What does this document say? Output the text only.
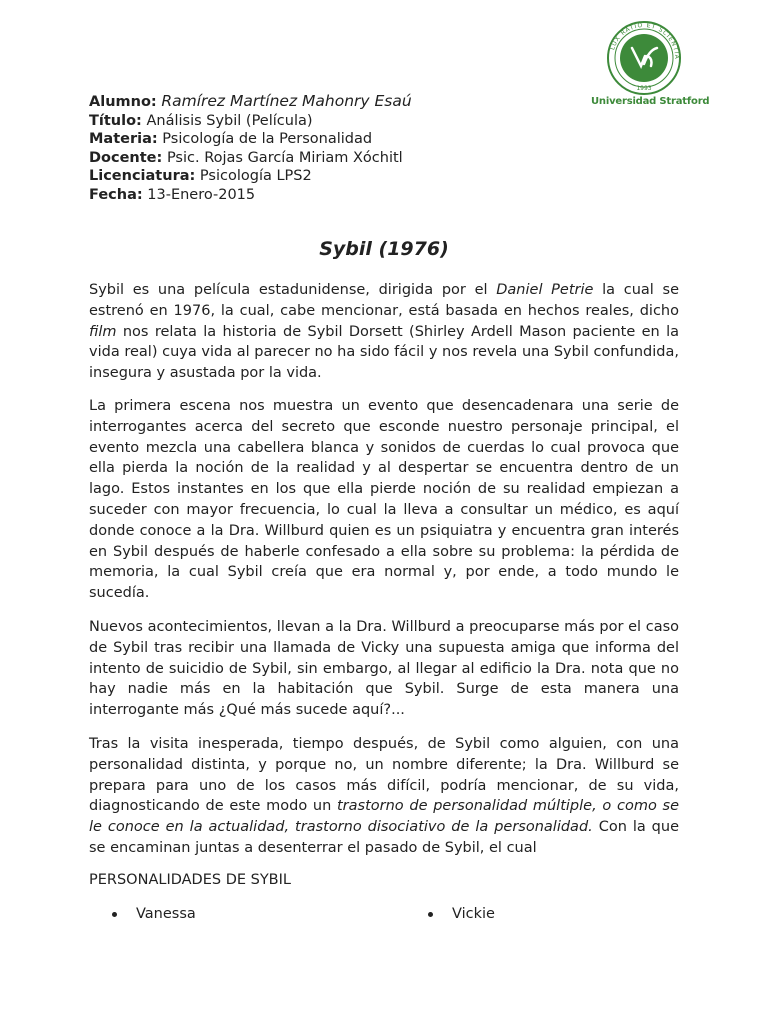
LUX RATIO ET SCIENTIA
1993
Universidad Stratford
Alumno: Ramírez Martínez Mahonry Esaú
Título: Análisis Sybil (Película)
Materia: Psicología de la Personalidad
Docente: Psic. Rojas García Miriam Xóchitl
Licenciatura: Psicología LPS2
Fecha: 13-Enero-2015
Sybil (1976)

Sybil es una película estadunidense, dirigida por el Daniel Petrie la cual se estrenó en 1976, la cual, cabe mencionar, está basada en hechos reales, dicho film nos relata la historia de Sybil Dorsett (Shirley Ardell Mason paciente en la vida real) cuya vida al parecer no ha sido fácil y nos revela una Sybil confundida, insegura y asustada por la vida.

La primera escena nos muestra un evento que desencadenara una serie de interrogantes acerca del secreto que esconde nuestro personaje principal, el evento mezcla una cabellera blanca y sonidos de cuerdas lo cual provoca que ella pierda la noción de la realidad y al despertar se encuentra dentro de un lago. Estos instantes en los que ella pierde noción de su realidad empiezan a suceder con mayor frecuencia, lo cual la lleva a consultar un médico, es aquí donde conoce a la Dra. Willburd quien es un psiquiatra y encuentra gran interés en Sybil después de haberle confesado a ella sobre su problema: la pérdida de memoria, la cual Sybil creía que era normal y, por ende, a todo mundo le sucedía.

Nuevos acontecimientos, llevan a la Dra. Willburd a preocuparse más por el caso de Sybil tras recibir una llamada de Vicky una supuesta amiga que informa del intento de suicidio de Sybil, sin embargo, al llegar al edificio la Dra. nota que no hay nadie más en la habitación que Sybil. Surge de esta manera una interrogante más ¿Qué más sucede aquí?...

Tras la visita inesperada, tiempo después, de Sybil como alguien, con una personalidad distinta, y porque no, un nombre diferente; la Dra. Willburd se prepara para uno de los casos más difícil, podría mencionar, de su vida, diagnosticando de este modo un trastorno de personalidad múltiple, o como se le conoce en la actualidad, trastorno disociativo de la personalidad. Con la que se encaminan juntas a desenterrar el pasado de Sybil, el cual

PERSONALIDADES DE SYBIL
Vanessa	Vickie
